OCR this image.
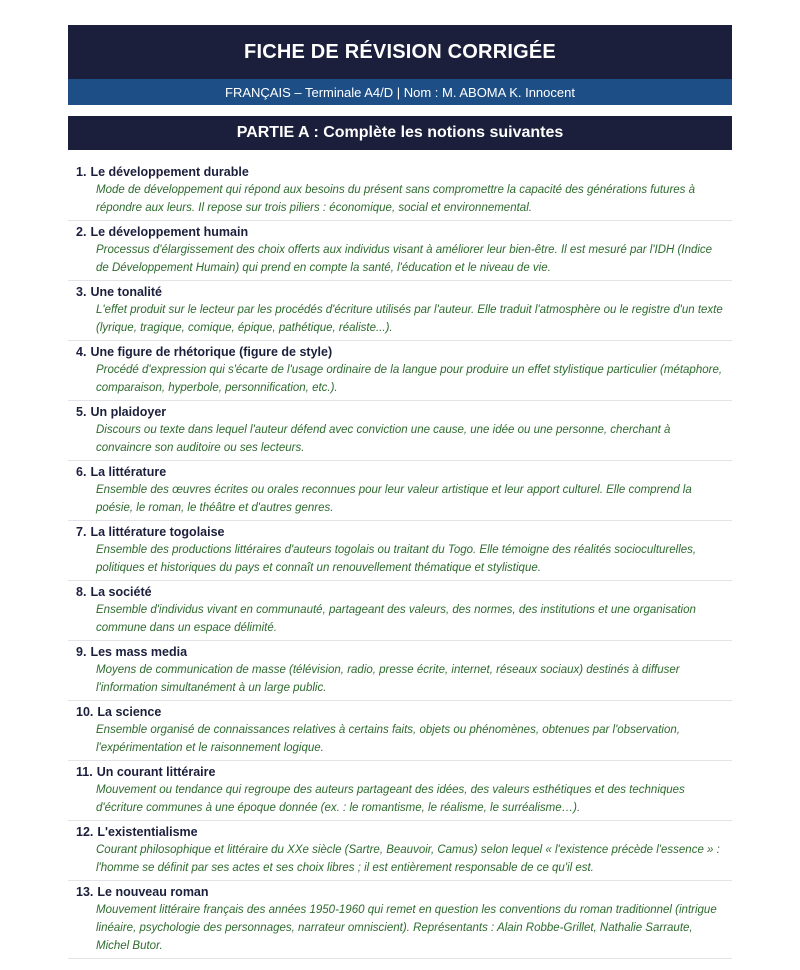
FICHE DE RÉVISION CORRIGÉE
FRANÇAIS – Terminale A4/D | Nom : M. ABOMA K. Innocent
PARTIE A : Complète les notions suivantes
1. Le développement durable
Mode de développement qui répond aux besoins du présent sans compromettre la capacité des générations futures à répondre aux leurs. Il repose sur trois piliers : économique, social et environnemental.
2. Le développement humain
Processus d'élargissement des choix offerts aux individus visant à améliorer leur bien-être. Il est mesuré par l'IDH (Indice de Développement Humain) qui prend en compte la santé, l'éducation et le niveau de vie.
3. Une tonalité
L'effet produit sur le lecteur par les procédés d'écriture utilisés par l'auteur. Elle traduit l'atmosphère ou le registre d'un texte (lyrique, tragique, comique, épique, pathétique, réaliste...).
4. Une figure de rhétorique (figure de style)
Procédé d'expression qui s'écarte de l'usage ordinaire de la langue pour produire un effet stylistique particulier (métaphore, comparaison, hyperbole, personnification, etc.).
5. Un plaidoyer
Discours ou texte dans lequel l'auteur défend avec conviction une cause, une idée ou une personne, cherchant à convaincre son auditoire ou ses lecteurs.
6. La littérature
Ensemble des œuvres écrites ou orales reconnues pour leur valeur artistique et leur apport culturel. Elle comprend la poésie, le roman, le théâtre et d'autres genres.
7. La littérature togolaise
Ensemble des productions littéraires d'auteurs togolais ou traitant du Togo. Elle témoigne des réalités socioculturelles, politiques et historiques du pays et connaît un renouvellement thématique et stylistique.
8. La société
Ensemble d'individus vivant en communauté, partageant des valeurs, des normes, des institutions et une organisation commune dans un espace délimité.
9. Les mass media
Moyens de communication de masse (télévision, radio, presse écrite, internet, réseaux sociaux) destinés à diffuser l'information simultanément à un large public.
10. La science
Ensemble organisé de connaissances relatives à certains faits, objets ou phénomènes, obtenues par l'observation, l'expérimentation et le raisonnement logique.
11. Un courant littéraire
Mouvement ou tendance qui regroupe des auteurs partageant des idées, des valeurs esthétiques et des techniques d'écriture communes à une époque donnée (ex. : le romantisme, le réalisme, le surréalisme…).
12. L'existentialisme
Courant philosophique et littéraire du XXe siècle (Sartre, Beauvoir, Camus) selon lequel « l'existence précède l'essence » : l'homme se définit par ses actes et ses choix libres ; il est entièrement responsable de ce qu'il est.
13. Le nouveau roman
Mouvement littéraire français des années 1950-1960 qui remet en question les conventions du roman traditionnel (intrigue linéaire, psychologie des personnages, narrateur omniscient). Représentants : Alain Robbe-Grillet, Nathalie Sarraute, Michel Butor.
